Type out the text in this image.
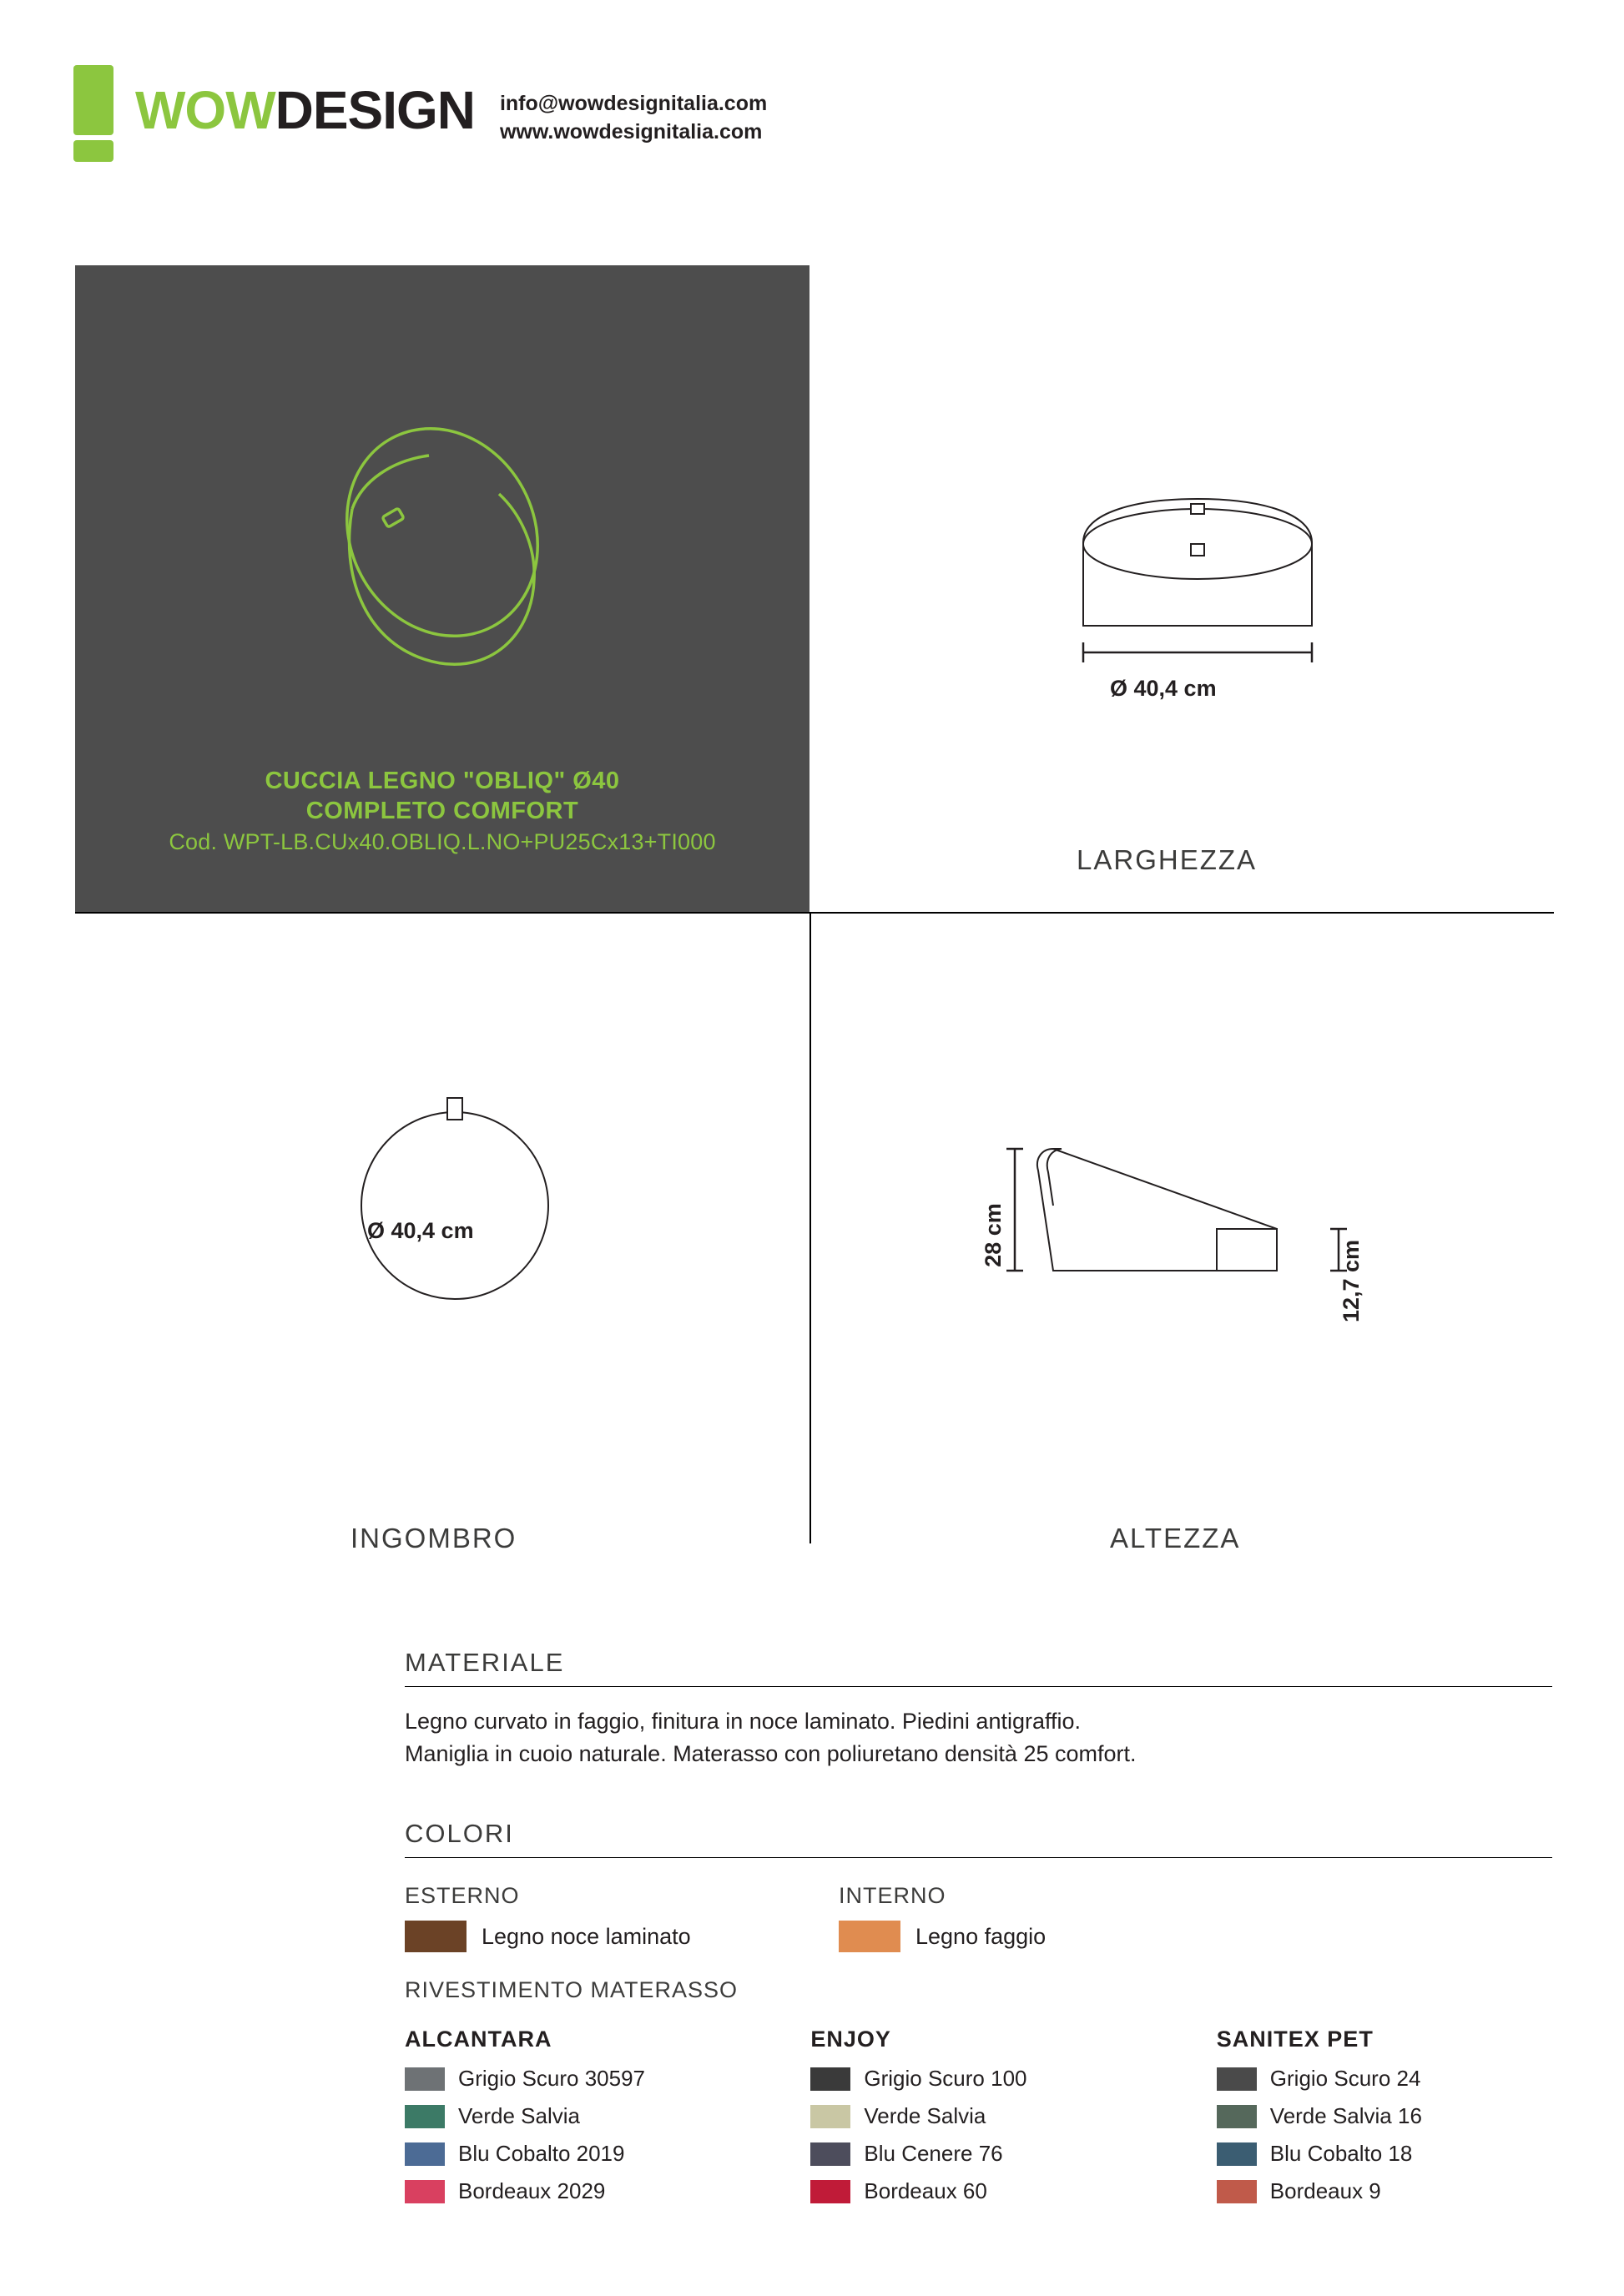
WOWDESIGN info@wowdesignitalia.com
www.wowdesignitalia.com
CUCCIA LEGNO "OBLIQ" Ø40
COMPLETO COMFORT
Cod. WPT-LB.CUx40.OBLIQ.L.NO+PU25Cx13+TI000
Ø 40,4 cm
LARGHEZZA
Ø 40,4 cm
INGOMBRO
28 cm
12,7 cm
ALTEZZA
MATERIALE
Legno curvato in faggio, finitura in noce laminato. Piedini antigraffio.
Maniglia in cuoio naturale. Materasso con poliuretano densità 25 comfort.
COLORI
ESTERNO
Legno noce laminato
INTERNO
Legno faggio
RIVESTIMENTO MATERASSO
ALCANTARA
Grigio Scuro 30597
Verde Salvia
Blu Cobalto 2019
Bordeaux 2029
ENJOY
Grigio Scuro 100
Verde Salvia
Blu Cenere 76
Bordeaux 60
SANITEX PET
Grigio Scuro 24
Verde Salvia 16
Blu Cobalto 18
Bordeaux 9
